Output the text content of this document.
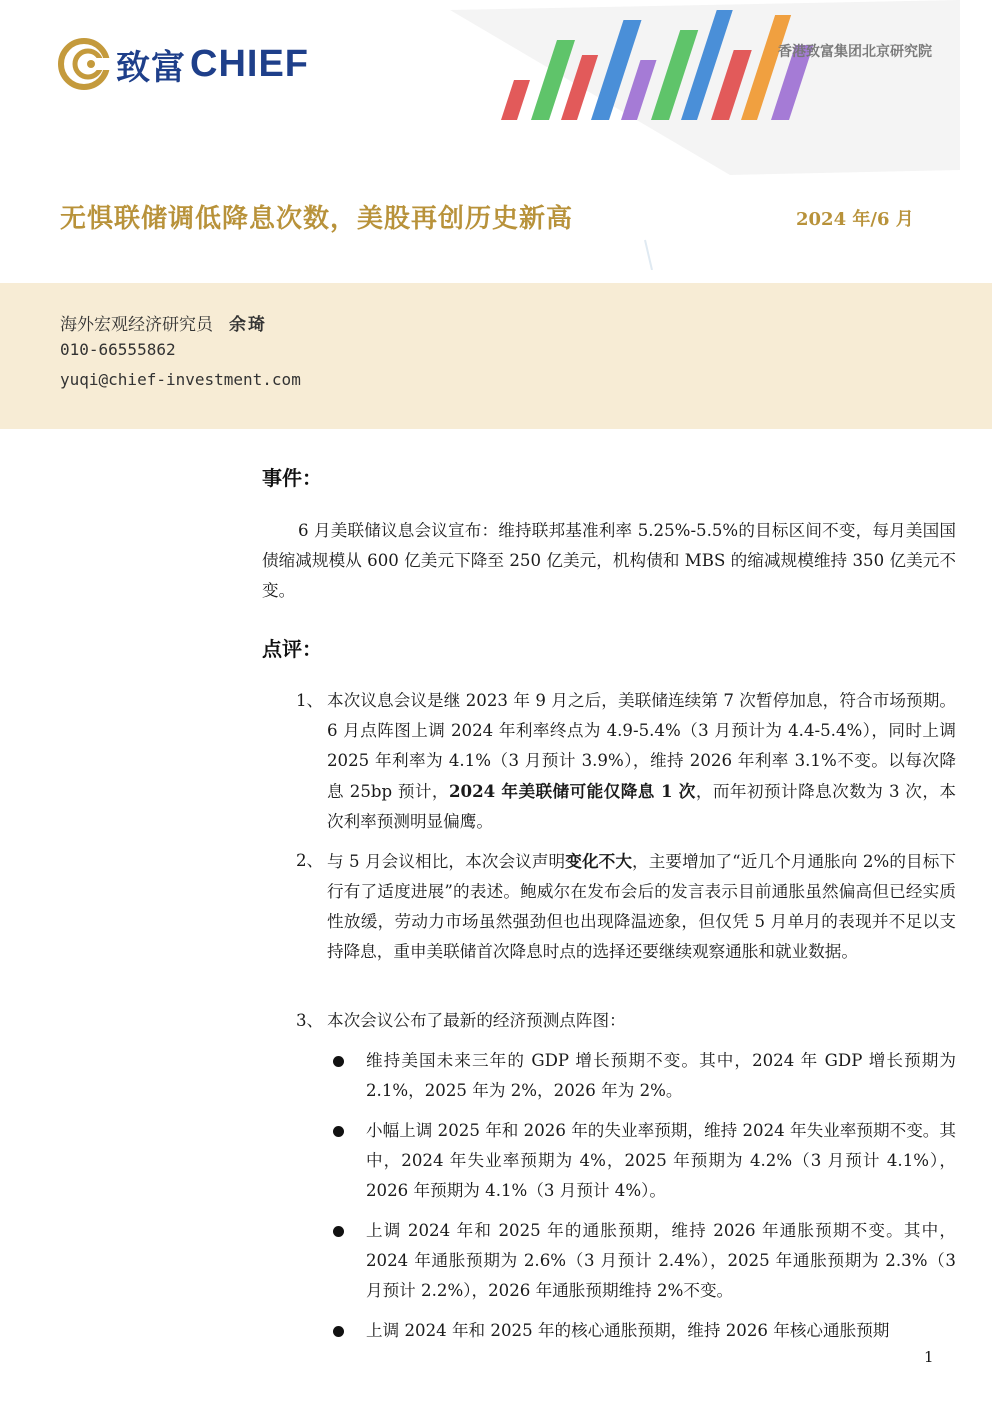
致富 CHIEF	香港致富集团北京研究院
无惧联储调低降息次数，美股再创历史新高	2024 年/6 月
海外宏观经济研究员 余琦
010-66555862
yuqi@chief-investment.com
事件：
6 月美联储议息会议宣布：维持联邦基准利率 5.25%-5.5%的目标区间不变，每月美国国债缩减规模从 600 亿美元下降至 250 亿美元，机构债和 MBS 的缩减规模维持 350 亿美元不变。
点评：
1、 本次议息会议是继 2023 年 9 月之后，美联储连续第 7 次暂停加息，符合市场预期。6 月点阵图上调 2024 年利率终点为 4.9-5.4%（3 月预计为 4.4-5.4%），同时上调 2025 年利率为 4.1%（3 月预计 3.9%），维持 2026 年利率 3.1%不变。以每次降息 25bp 预计，2024 年美联储可能仅降息 1 次，而年初预计降息次数为 3 次，本次利率预测明显偏鹰。
2、 与 5 月会议相比，本次会议声明变化不大，主要增加了“近几个月通胀向 2%的目标下行有了适度进展”的表述。鲍威尔在发布会后的发言表示目前通胀虽然偏高但已经实质性放缓，劳动力市场虽然强劲但也出现降温迹象，但仅凭 5 月单月的表现并不足以支持降息，重申美联储首次降息时点的选择还要继续观察通胀和就业数据。
3、 本次会议公布了最新的经济预测点阵图：
维持美国未来三年的 GDP 增长预期不变。其中，2024 年 GDP 增长预期为 2.1%，2025 年为 2%，2026 年为 2%。
小幅上调 2025 年和 2026 年的失业率预期，维持 2024 年失业率预期不变。其中，2024 年失业率预期为 4%，2025 年预期为 4.2%（3 月预计 4.1%），2026 年预期为 4.1%（3 月预计 4%）。
上调 2024 年和 2025 年的通胀预期，维持 2026 年通胀预期不变。其中，2024 年通胀预期为 2.6%（3 月预计 2.4%），2025 年通胀预期为 2.3%（3 月预计 2.2%），2026 年通胀预期维持 2%不变。
上调 2024 年和 2025 年的核心通胀预期，维持 2026 年核心通胀预期
1
